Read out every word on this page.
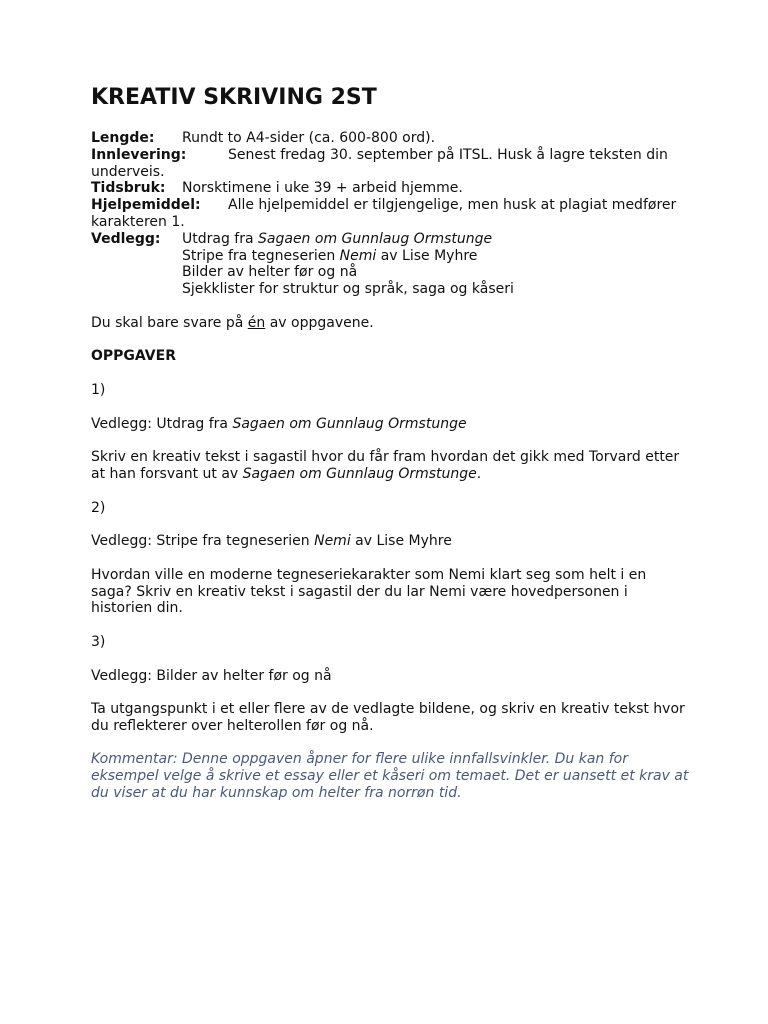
KREATIV SKRIVING 2ST
Lengde: Rundt to A4-sider (ca. 600-800 ord).
Innlevering:	Senest fredag 30. september på ITSL. Husk å lagre teksten din underveis.
Tidsbruk: Norsktimene i uke 39 + arbeid hjemme.
Hjelpemiddel: Alle hjelpemiddel er tilgjengelige, men husk at plagiat medfører karakteren 1.
Vedlegg: Utdrag fra Sagaen om Gunnlaug Ormstunge
Stripe fra tegneserien Nemi av Lise Myhre
Bilder av helter før og nå
Sjekklister for struktur og språk, saga og kåseri

Du skal bare svare på én av oppgavene.

OPPGAVER

1)

Vedlegg: Utdrag fra Sagaen om Gunnlaug Ormstunge

Skriv en kreativ tekst i sagastil hvor du får fram hvordan det gikk med Torvard etter at han forsvant ut av Sagaen om Gunnlaug Ormstunge.

2)

Vedlegg: Stripe fra tegneserien Nemi av Lise Myhre

Hvordan ville en moderne tegneseriekarakter som Nemi klart seg som helt i en saga? Skriv en kreativ tekst i sagastil der du lar Nemi være hovedpersonen i historien din.

3)

Vedlegg: Bilder av helter før og nå

Ta utgangspunkt i et eller flere av de vedlagte bildene, og skriv en kreativ tekst hvor du reflekterer over helterollen før og nå.

Kommentar: Denne oppgaven åpner for flere ulike innfallsvinkler. Du kan for eksempel velge å skrive et essay eller et kåseri om temaet. Det er uansett et krav at du viser at du har kunnskap om helter fra norrøn tid.
